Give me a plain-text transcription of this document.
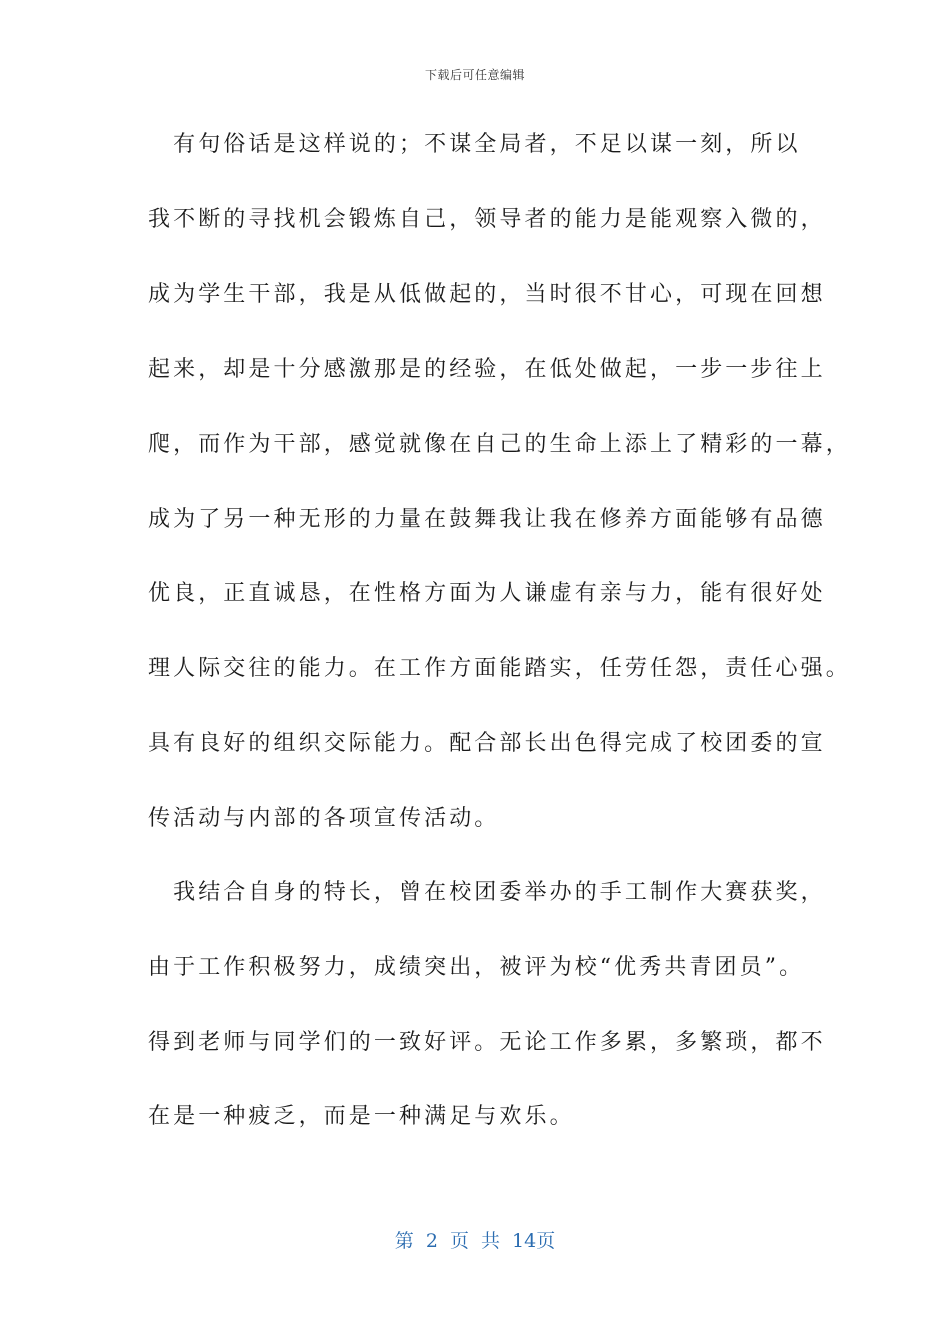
下载后可任意编辑
　有句俗话是这样说的；不谋全局者，不足以谋一刻，所以
我不断的寻找机会锻炼自己，领导者的能力是能观察入微的，
成为学生干部，我是从低做起的，当时很不甘心，可现在回想
起来，却是十分感激那是的经验，在低处做起，一步一步往上
爬，而作为干部，感觉就像在自己的生命上添上了精彩的一幕，
成为了另一种无形的力量在鼓舞我让我在修养方面能够有品德
优良，正直诚恳，在性格方面为人谦虚有亲与力，能有很好处
理人际交往的能力。在工作方面能踏实，任劳任怨，责任心强。
具有良好的组织交际能力。配合部长出色得完成了校团委的宣
传活动与内部的各项宣传活动。
　我结合自身的特长，曾在校团委举办的手工制作大赛获奖，
由于工作积极努力，成绩突出，被评为校“优秀共青团员”。
得到老师与同学们的一致好评。无论工作多累，多繁琐，都不
在是一种疲乏，而是一种满足与欢乐。
第 2 页 共 14页
